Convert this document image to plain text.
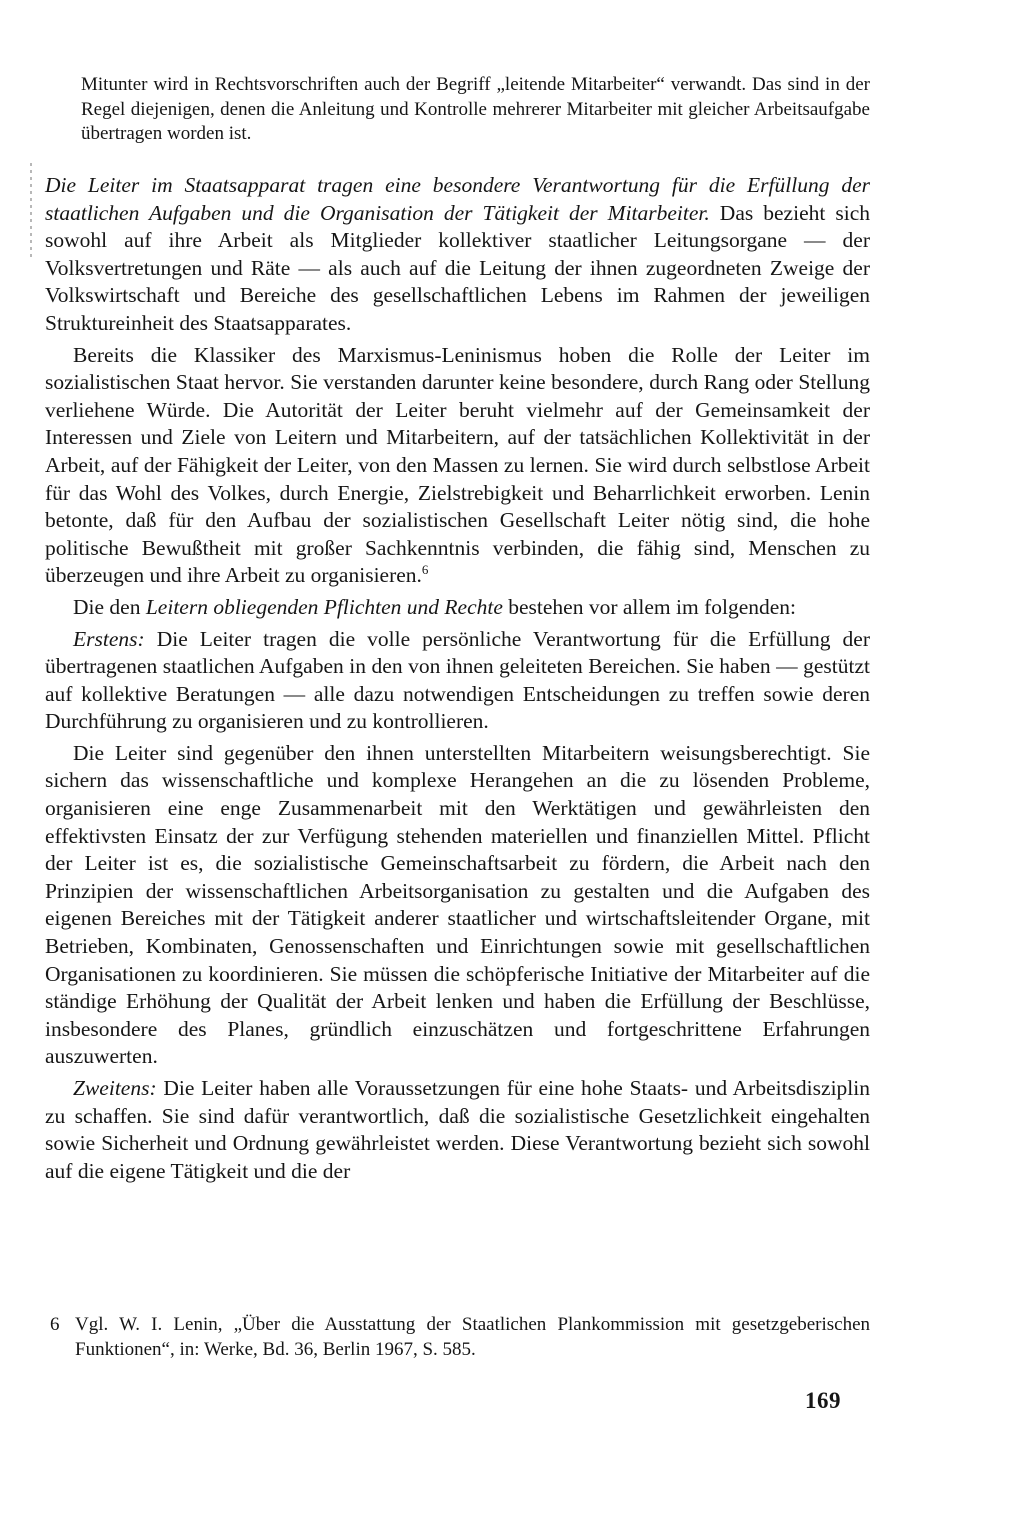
Mitunter wird in Rechtsvorschriften auch der Begriff „leitende Mitarbeiter“ verwandt. Das sind in der Regel diejenigen, denen die Anleitung und Kontrolle mehrerer Mitarbeiter mit gleicher Arbeitsaufgabe übertragen worden ist.

Die Leiter im Staatsapparat tragen eine besondere Verantwortung für die Erfüllung der staatlichen Aufgaben und die Organisation der Tätigkeit der Mitarbeiter. Das bezieht sich sowohl auf ihre Arbeit als Mitglieder kollektiver staatlicher Leitungsorgane — der Volksvertretungen und Räte — als auch auf die Leitung der ihnen zugeordneten Zweige der Volkswirtschaft und Bereiche des gesellschaftlichen Lebens im Rahmen der jeweiligen Struktureinheit des Staatsapparates.

Bereits die Klassiker des Marxismus-Leninismus hoben die Rolle der Leiter im sozialistischen Staat hervor. Sie verstanden darunter keine besondere, durch Rang oder Stellung verliehene Würde. Die Autorität der Leiter beruht vielmehr auf der Gemeinsamkeit der Interessen und Ziele von Leitern und Mitarbeitern, auf der tatsächlichen Kollektivität in der Arbeit, auf der Fähigkeit der Leiter, von den Massen zu lernen. Sie wird durch selbstlose Arbeit für das Wohl des Volkes, durch Energie, Zielstrebigkeit und Beharrlichkeit erworben. Lenin betonte, daß für den Aufbau der sozialistischen Gesellschaft Leiter nötig sind, die hohe politische Bewußtheit mit großer Sachkenntnis verbinden, die fähig sind, Menschen zu überzeugen und ihre Arbeit zu organisieren.$^6$

Die den Leitern obliegenden Pflichten und Rechte bestehen vor allem im folgenden:

Erstens: Die Leiter tragen die volle persönliche Verantwortung für die Erfüllung der übertragenen staatlichen Aufgaben in den von ihnen geleiteten Bereichen. Sie haben — gestützt auf kollektive Beratungen — alle dazu notwendigen Entscheidungen zu treffen sowie deren Durchführung zu organisieren und zu kontrollieren.

Die Leiter sind gegenüber den ihnen unterstellten Mitarbeitern weisungsberechtigt. Sie sichern das wissenschaftliche und komplexe Herangehen an die zu lösenden Probleme, organisieren eine enge Zusammenarbeit mit den Werktätigen und gewährleisten den effektivsten Einsatz der zur Verfügung stehenden materiellen und finanziellen Mittel. Pflicht der Leiter ist es, die sozialistische Gemeinschaftsarbeit zu fördern, die Arbeit nach den Prinzipien der wissenschaftlichen Arbeitsorganisation zu gestalten und die Aufgaben des eigenen Bereiches mit der Tätigkeit anderer staatlicher und wirtschaftsleitender Organe, mit Betrieben, Kombinaten, Genossenschaften und Einrichtungen sowie mit gesellschaftlichen Organisationen zu koordinieren. Sie müssen die schöpferische Initiative der Mitarbeiter auf die ständige Erhöhung der Qualität der Arbeit lenken und haben die Erfüllung der Beschlüsse, insbesondere des Planes, gründlich einzuschätzen und fortgeschrittene Erfahrungen auszuwerten.

Zweitens: Die Leiter haben alle Voraussetzungen für eine hohe Staats- und Arbeitsdisziplin zu schaffen. Sie sind dafür verantwortlich, daß die sozialistische Gesetzlichkeit eingehalten sowie Sicherheit und Ordnung gewährleistet werden. Diese Verantwortung bezieht sich sowohl auf die eigene Tätigkeit und die der

6 Vgl. W. I. Lenin, „Über die Ausstattung der Staatlichen Plankommission mit gesetzgeberischen Funktionen“, in: Werke, Bd. 36, Berlin 1967, S. 585.
169
